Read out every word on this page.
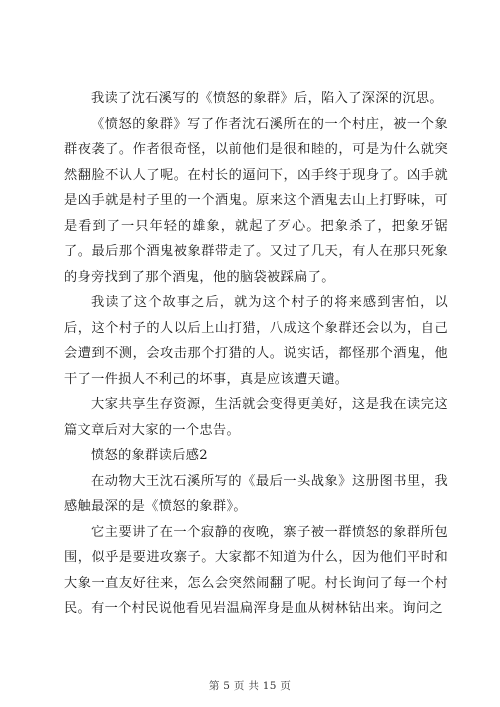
我读了沈石溪写的《愤怒的象群》后，陷入了深深的沉思。

《愤怒的象群》写了作者沈石溪所在的一个村庄，被一个象群夜袭了。作者很奇怪，以前他们是很和睦的，可是为什么就突然翻脸不认人了呢。在村长的逼问下，凶手终于现身了。凶手就是凶手就是村子里的一个酒鬼。原来这个酒鬼去山上打野味，可是看到了一只年轻的雄象，就起了歹心。把象杀了，把象牙锯了。最后那个酒鬼被象群带走了。又过了几天，有人在那只死象的身旁找到了那个酒鬼，他的脑袋被踩扁了。

我读了这个故事之后，就为这个村子的将来感到害怕，以后，这个村子的人以后上山打猎，八成这个象群还会以为，自己会遭到不测，会攻击那个打猎的人。说实话，都怪那个酒鬼，他干了一件损人不利己的坏事，真是应该遭天谴。

大家共享生存资源，生活就会变得更美好，这是我在读完这篇文章后对大家的一个忠告。

愤怒的象群读后感2

在动物大王沈石溪所写的《最后一头战象》这册图书里，我感触最深的是《愤怒的象群》。

它主要讲了在一个寂静的夜晚，寨子被一群愤怒的象群所包围，似乎是要进攻寨子。大家都不知道为什么，因为他们平时和大象一直友好往来，怎么会突然闹翻了呢。村长询问了每一个村民。有一个村民说他看见岩温扁浑身是血从树林钻出来。询问之

第 5 页 共 15 页
